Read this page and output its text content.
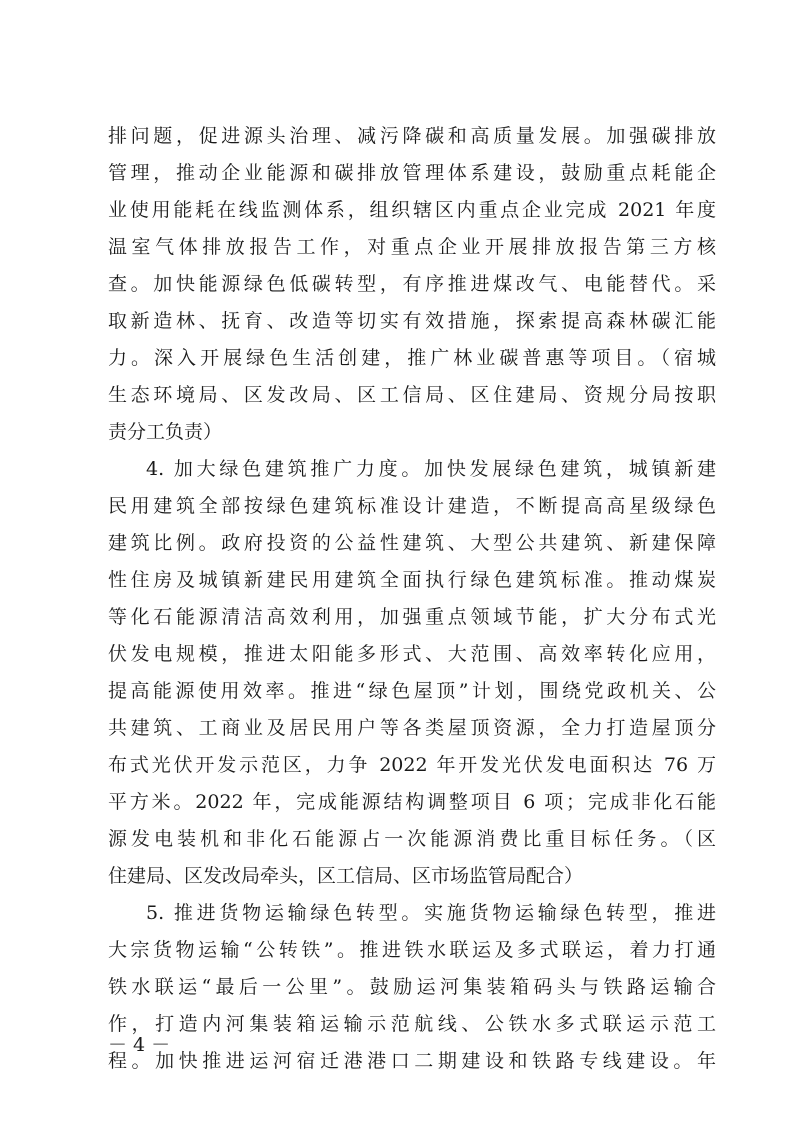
排问题，促进源头治理、减污降碳和高质量发展。加强碳排放
管理，推动企业能源和碳排放管理体系建设，鼓励重点耗能企
业使用能耗在线监测体系，组织辖区内重点企业完成 2021 年度
温室气体排放报告工作，对重点企业开展排放报告第三方核
查。加快能源绿色低碳转型，有序推进煤改气、电能替代。采
取新造林、抚育、改造等切实有效措施，探索提高森林碳汇能
力。深入开展绿色生活创建，推广林业碳普惠等项目。（宿城
生态环境局、区发改局、区工信局、区住建局、资规分局按职
责分工负责）
4. 加大绿色建筑推广力度。加快发展绿色建筑，城镇新建
民用建筑全部按绿色建筑标准设计建造，不断提高高星级绿色
建筑比例。政府投资的公益性建筑、大型公共建筑、新建保障
性住房及城镇新建民用建筑全面执行绿色建筑标准。推动煤炭
等化石能源清洁高效利用，加强重点领域节能，扩大分布式光
伏发电规模，推进太阳能多形式、大范围、高效率转化应用，
提高能源使用效率。推进“绿色屋顶”计划，围绕党政机关、公
共建筑、工商业及居民用户等各类屋顶资源，全力打造屋顶分
布式光伏开发示范区，力争 2022 年开发光伏发电面积达 76 万
平方米。2022 年，完成能源结构调整项目 6 项；完成非化石能
源发电装机和非化石能源占一次能源消费比重目标任务。（区
住建局、区发改局牵头，区工信局、区市场监管局配合）
5. 推进货物运输绿色转型。实施货物运输绿色转型，推进
大宗货物运输“公转铁”。推进铁水联运及多式联运，着力打通
铁水联运“最后一公里”。鼓励运河集装箱码头与铁路运输合
作，打造内河集装箱运输示范航线、公铁水多式联运示范工
程。加快推进运河宿迁港港口二期建设和铁路专线建设。年
－ 4 －
